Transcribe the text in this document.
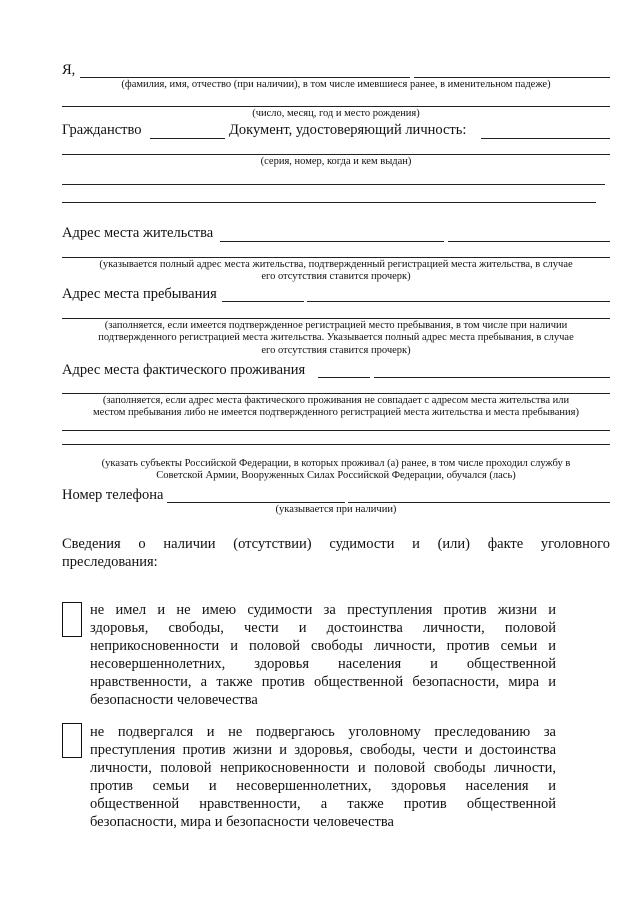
Я,
(фамилия, имя, отчество (при наличии), в том числе имевшиеся ранее, в именительном падеже)
(число, месяц, год и место рождения)
Гражданство	Документ, удостоверяющий личность:
(серия, номер, когда и кем выдан)
Адрес места жительства
(указывается полный адрес места жительства, подтвержденный регистрацией места жительства, в случае
его отсутствия ставится прочерк)
Адрес места пребывания
(заполняется, если имеется подтвержденное регистрацией место пребывания, в том числе при наличии
подтвержденного регистрацией места жительства. Указывается полный адрес места пребывания, в случае
его отсутствия ставится прочерк)
Адрес места фактического проживания
(заполняется, если адрес места фактического проживания не совпадает с адресом места жительства или
местом пребывания либо не имеется подтвержденного регистрацией места жительства и места пребывания)
(указать субъекты Российской Федерации, в которых проживал (а) ранее, в том числе проходил службу в
Советской Армии, Вооруженных Силах Российской Федерации, обучался (лась)
Номер телефона
(указывается при наличии)
Сведения о наличии (отсутствии) судимости и (или) факте уголовного
преследования:
не имел и не имею судимости за преступления против жизни и
здоровья, свободы, чести и достоинства личности, половой
неприкосновенности и половой свободы личности, против семьи и
несовершеннолетних, здоровья населения и общественной
нравственности, а также против общественной безопасности, мира и
безопасности человечества
не подвергался и не подвергаюсь уголовному преследованию за
преступления против жизни и здоровья, свободы, чести и достоинства
личности, половой неприкосновенности и половой свободы личности,
против семьи и несовершеннолетних, здоровья населения и
общественной нравственности, а также против общественной
безопасности, мира и безопасности человечества
